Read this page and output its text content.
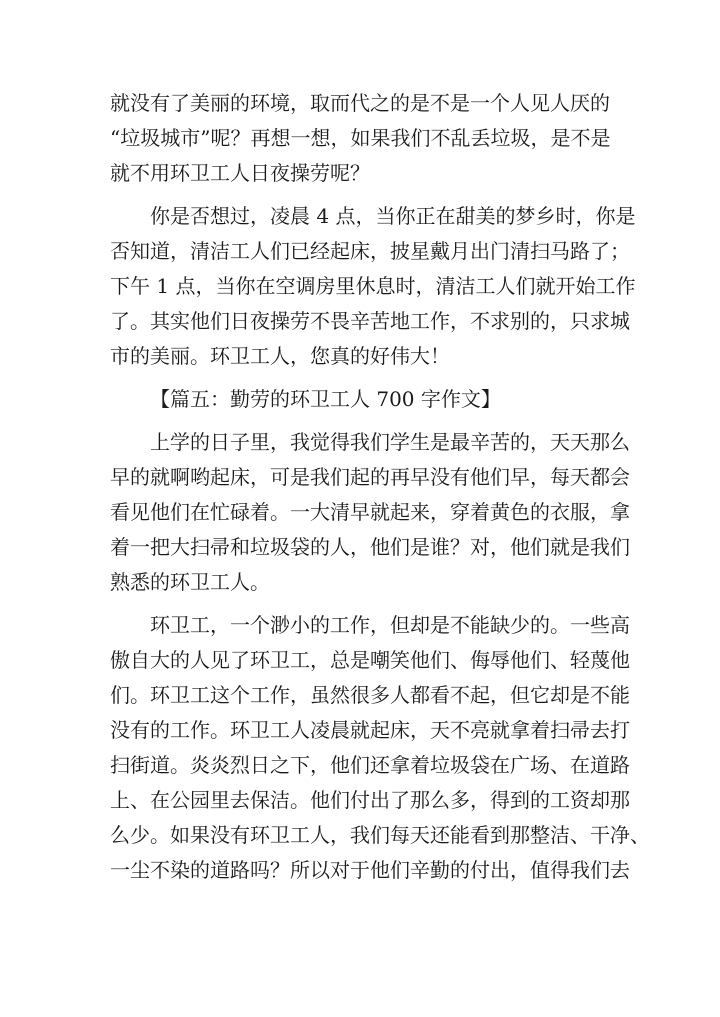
就没有了美丽的环境，取而代之的是不是一个人见人厌的
“垃圾城市”呢？再想一想，如果我们不乱丢垃圾，是不是
就不用环卫工人日夜操劳呢？
你是否想过，凌晨 4 点，当你正在甜美的梦乡时，你是
否知道，清洁工人们已经起床，披星戴月出门清扫马路了；
下午 1 点，当你在空调房里休息时，清洁工人们就开始工作
了。其实他们日夜操劳不畏辛苦地工作，不求别的，只求城
市的美丽。环卫工人，您真的好伟大！
【篇五：勤劳的环卫工人 700 字作文】
上学的日子里，我觉得我们学生是最辛苦的，天天那么
早的就啊哟起床，可是我们起的再早没有他们早，每天都会
看见他们在忙碌着。一大清早就起来，穿着黄色的衣服，拿
着一把大扫帚和垃圾袋的人，他们是谁？对，他们就是我们
熟悉的环卫工人。
环卫工，一个渺小的工作，但却是不能缺少的。一些高
傲自大的人见了环卫工，总是嘲笑他们、侮辱他们、轻蔑他
们。环卫工这个工作，虽然很多人都看不起，但它却是不能
没有的工作。环卫工人凌晨就起床，天不亮就拿着扫帚去打
扫街道。炎炎烈日之下，他们还拿着垃圾袋在广场、在道路
上、在公园里去保洁。他们付出了那么多，得到的工资却那
么少。如果没有环卫工人，我们每天还能看到那整洁、干净、
一尘不染的道路吗？所以对于他们辛勤的付出，值得我们去
